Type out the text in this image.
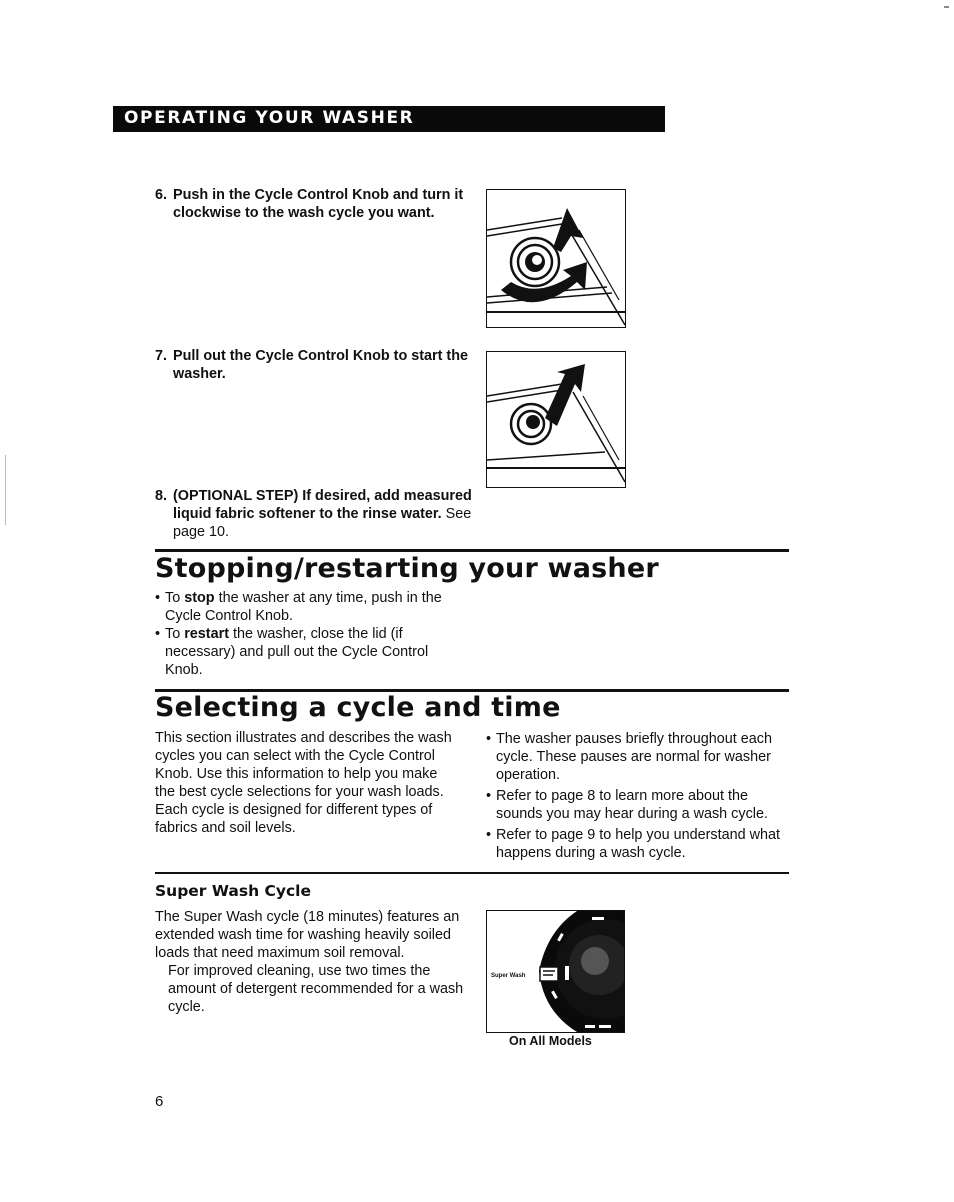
OPERATING YOUR WASHER
6. Push in the Cycle Control Knob and turn it clockwise to the wash cycle you want.
7. Pull out the Cycle Control Knob to start the washer.
8. (OPTIONAL STEP) If desired, add measured liquid fabric softener to the rinse water. See page 10.
Stopping/restarting your washer
• To stop the washer at any time, push in the Cycle Control Knob.
• To restart the washer, close the lid (if necessary) and pull out the Cycle Control Knob.
Selecting a cycle and time
This section illustrates and describes the wash cycles you can select with the Cycle Control Knob. Use this information to help you make the best cycle selections for your wash loads. Each cycle is designed for different types of fabrics and soil levels.
• The washer pauses briefly throughout each cycle. These pauses are normal for washer operation.
• Refer to page 8 to learn more about the sounds you may hear during a wash cycle.
• Refer to page 9 to help you understand what happens during a wash cycle.
Super Wash Cycle
The Super Wash cycle (18 minutes) features an extended wash time for washing heavily soiled loads that need maximum soil removal.
For improved cleaning, use two times the amount of detergent recommended for a wash cycle.
Super Wash
On All Models
6
